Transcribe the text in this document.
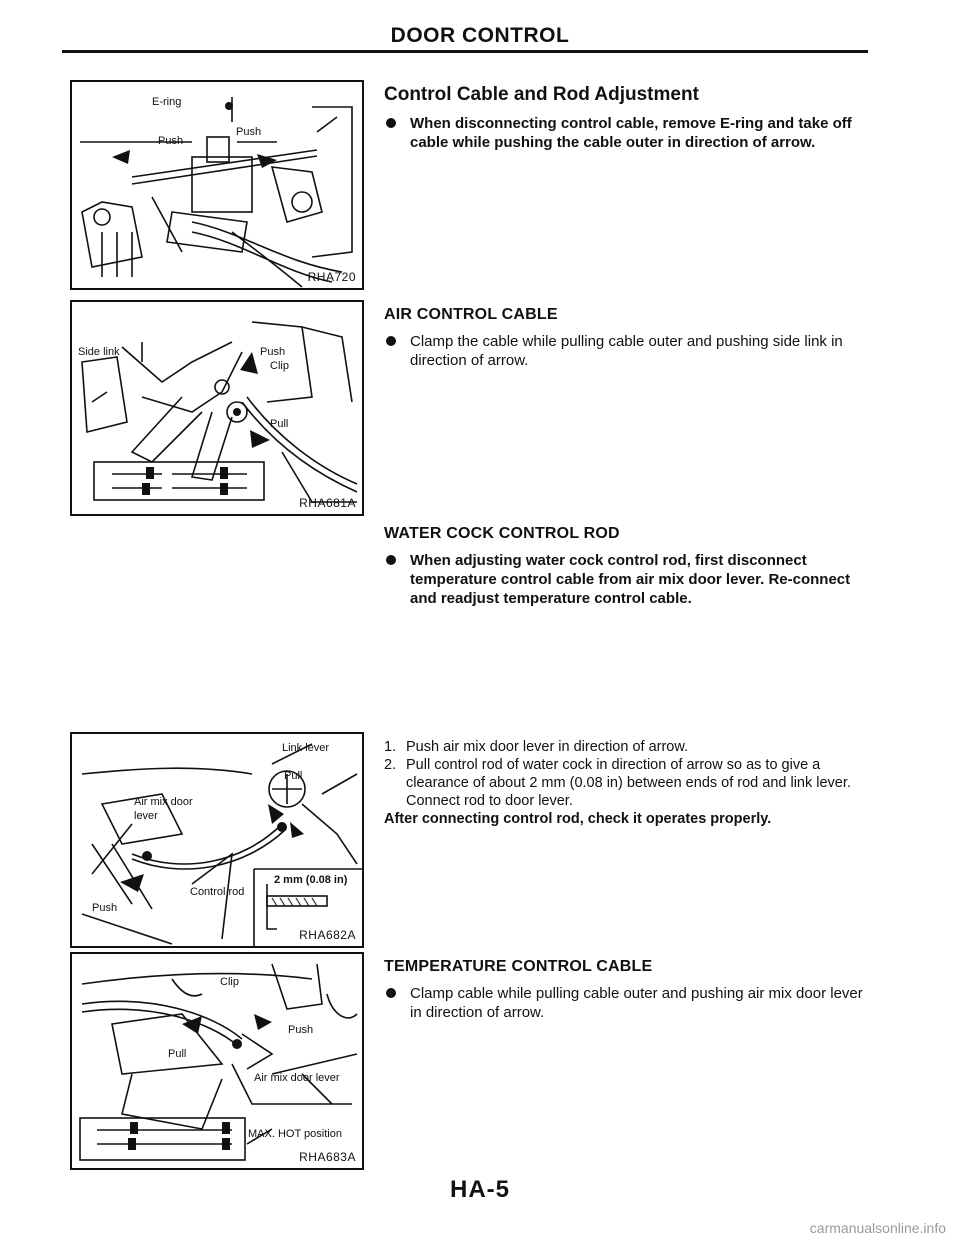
DOOR CONTROL
E-ring
Push
Push
RHA720
Side link	Push
Clip
Pull
RHA681A
Link lever
Pull
Air mix door
lever
Control rod
Push
2 mm (0.08 in)
RHA682A
Clip
Push
Pull
Air mix door lever
MAX. HOT position
RHA683A
Control Cable and Rod Adjustment
When disconnecting control cable, remove E-ring and take off cable while pushing the cable outer in direction of arrow.
AIR CONTROL CABLE
Clamp the cable while pulling cable outer and pushing side link in direction of arrow.
WATER COCK CONTROL ROD
When adjusting water cock control rod, first disconnect temperature control cable from air mix door lever. Re-connect and readjust temperature control cable.
1. Push air mix door lever in direction of arrow.
2. Pull control rod of water cock in direction of arrow so as to give a clearance of about 2 mm (0.08 in) between ends of rod and link lever. Connect rod to door lever.
After connecting control rod, check it operates properly.
TEMPERATURE CONTROL CABLE
Clamp cable while pulling cable outer and pushing air mix door lever in direction of arrow.
HA-5
carmanualsonline.info
